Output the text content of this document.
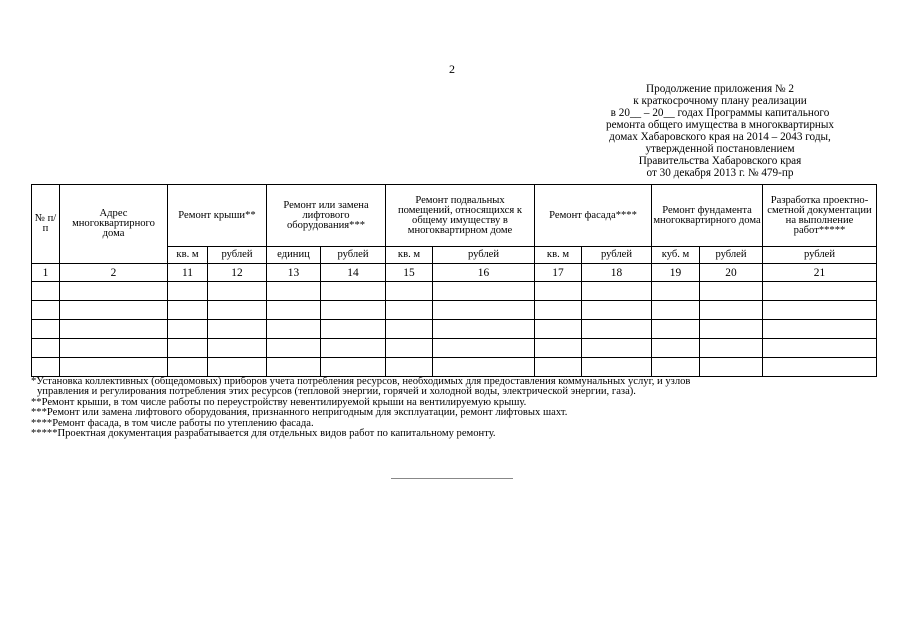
2
Продолжение приложения № 2
к краткосрочному плану реализации
в 20__ – 20__ годах Программы капитального
ремонта общего имущества в многоквартирных
домах Хабаровского края на 2014 – 2043 годы,
утвержденной постановлением
Правительства Хабаровского края
от 30 декабря 2013 г. № 479-пр
№ п/п	Адрес многоквартирного дома	Ремонт крыши**		Ремонт или замена лифтового оборудования***		Ремонт подвальных помещений, относящихся к общему имуществу в многоквартирном доме		Ремонт фасада****		Ремонт фундамента многоквартирного дома		Разработка проектно-сметной документации на выполнение работ*****
		кв. м	рублей	единиц	рублей	кв. м	рублей	кв. м	рублей	куб. м	рублей	рублей
1	2	11	12	13	14	15	16	17	18	19	20	21

*Установка коллективных (общедомовых) приборов учета потребления ресурсов, необходимых для предоставления коммунальных услуг, и узлов
управления и регулирования потребления этих ресурсов (тепловой энергии, горячей и холодной воды, электрической энергии, газа).
**Ремонт крыши, в том числе работы по переустройству невентилируемой крыши на вентилируемую крышу.
***Ремонт или замена лифтового оборудования, признанного непригодным для эксплуатации, ремонт лифтовых шахт.
****Ремонт фасада, в том числе работы по утеплению фасада.
*****Проектная документация разрабатывается для отдельных видов работ по капитальному ремонту.
